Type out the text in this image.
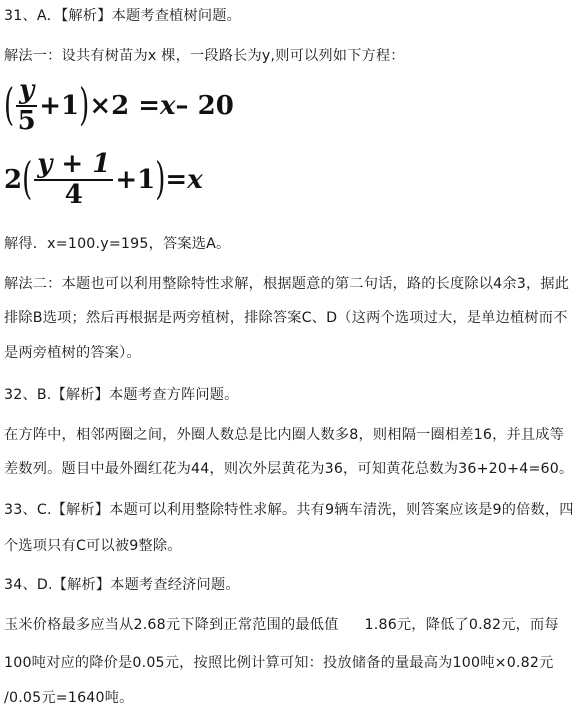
31、A．【解析】本题考查植树问题。
解法一：设共有树苗为x 棵，一段路长为y,则可以列如下方程：
( $\frac{y}{5} +1$ ) ×2 = x – 20
2 ( $\frac{y + 1}{4} +1$ ) = x
解得．x=100.y=195，答案选A。
解法二：本题也可以利用整除特性求解，根据题意的第二句话，路的长度除以4余3，据此
排除B选项；然后再根据是两旁植树，排除答案C、D（这两个选项过大，是单边植树而不
是两旁植树的答案）。
32、B.【解析】本题考查方阵问题。
在方阵中，相邻两圈之间，外圈人数总是比内圈人数多8，则相隔一圈相差16，并且成等
差数列。题目中最外圈红花为44，则次外层黄花为36，可知黄花总数为36+20+4=60。
33、C.【解析】本题可以利用整除特性求解。共有9辆车清洗，则答案应该是9的倍数，四
个选项只有C可以被9整除。
34、D.【解析】本题考查经济问题。
玉米价格最多应当从2.68元下降到正常范围的最低值 1.86元，降低了0.82元，而每
100吨对应的降价是0.05元，按照比例计算可知：投放储备的量最高为100吨×0.82元
/0.05元=1640吨。
